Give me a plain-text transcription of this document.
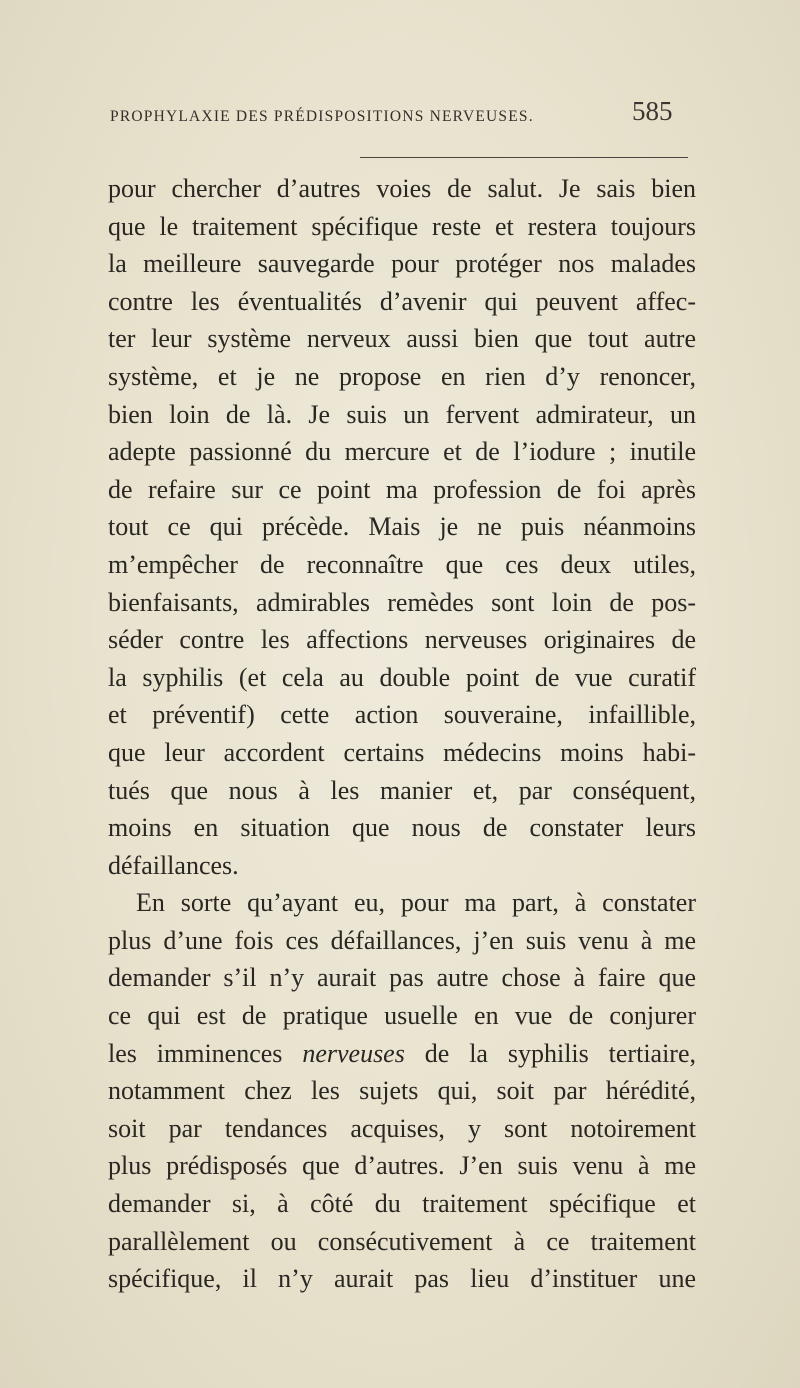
PROPHYLAXIE DES PRÉDISPOSITIONS NERVEUSES.	585
pour chercher d’autres voies de salut. Je sais bien
que le traitement spécifique reste et restera toujours
la meilleure sauvegarde pour protéger nos malades
contre les éventualités d’avenir qui peuvent affec-
ter leur système nerveux aussi bien que tout autre
système, et je ne propose en rien d’y renoncer,
bien loin de là. Je suis un fervent admirateur, un
adepte passionné du mercure et de l’iodure ; inutile
de refaire sur ce point ma profession de foi après
tout ce qui précède. Mais je ne puis néanmoins
m’empêcher de reconnaître que ces deux utiles,
bienfaisants, admirables remèdes sont loin de pos-
séder contre les affections nerveuses originaires de
la syphilis (et cela au double point de vue curatif
et préventif) cette action souveraine, infaillible,
que leur accordent certains médecins moins habi-
tués que nous à les manier et, par conséquent,
moins en situation que nous de constater leurs
défaillances.
En sorte qu’ayant eu, pour ma part, à constater
plus d’une fois ces défaillances, j’en suis venu à me
demander s’il n’y aurait pas autre chose à faire que
ce qui est de pratique usuelle en vue de conjurer
les imminences nerveuses de la syphilis tertiaire,
notamment chez les sujets qui, soit par hérédité,
soit par tendances acquises, y sont notoirement
plus prédisposés que d’autres. J’en suis venu à me
demander si, à côté du traitement spécifique et
parallèlement ou consécutivement à ce traitement
spécifique, il n’y aurait pas lieu d’instituer une
